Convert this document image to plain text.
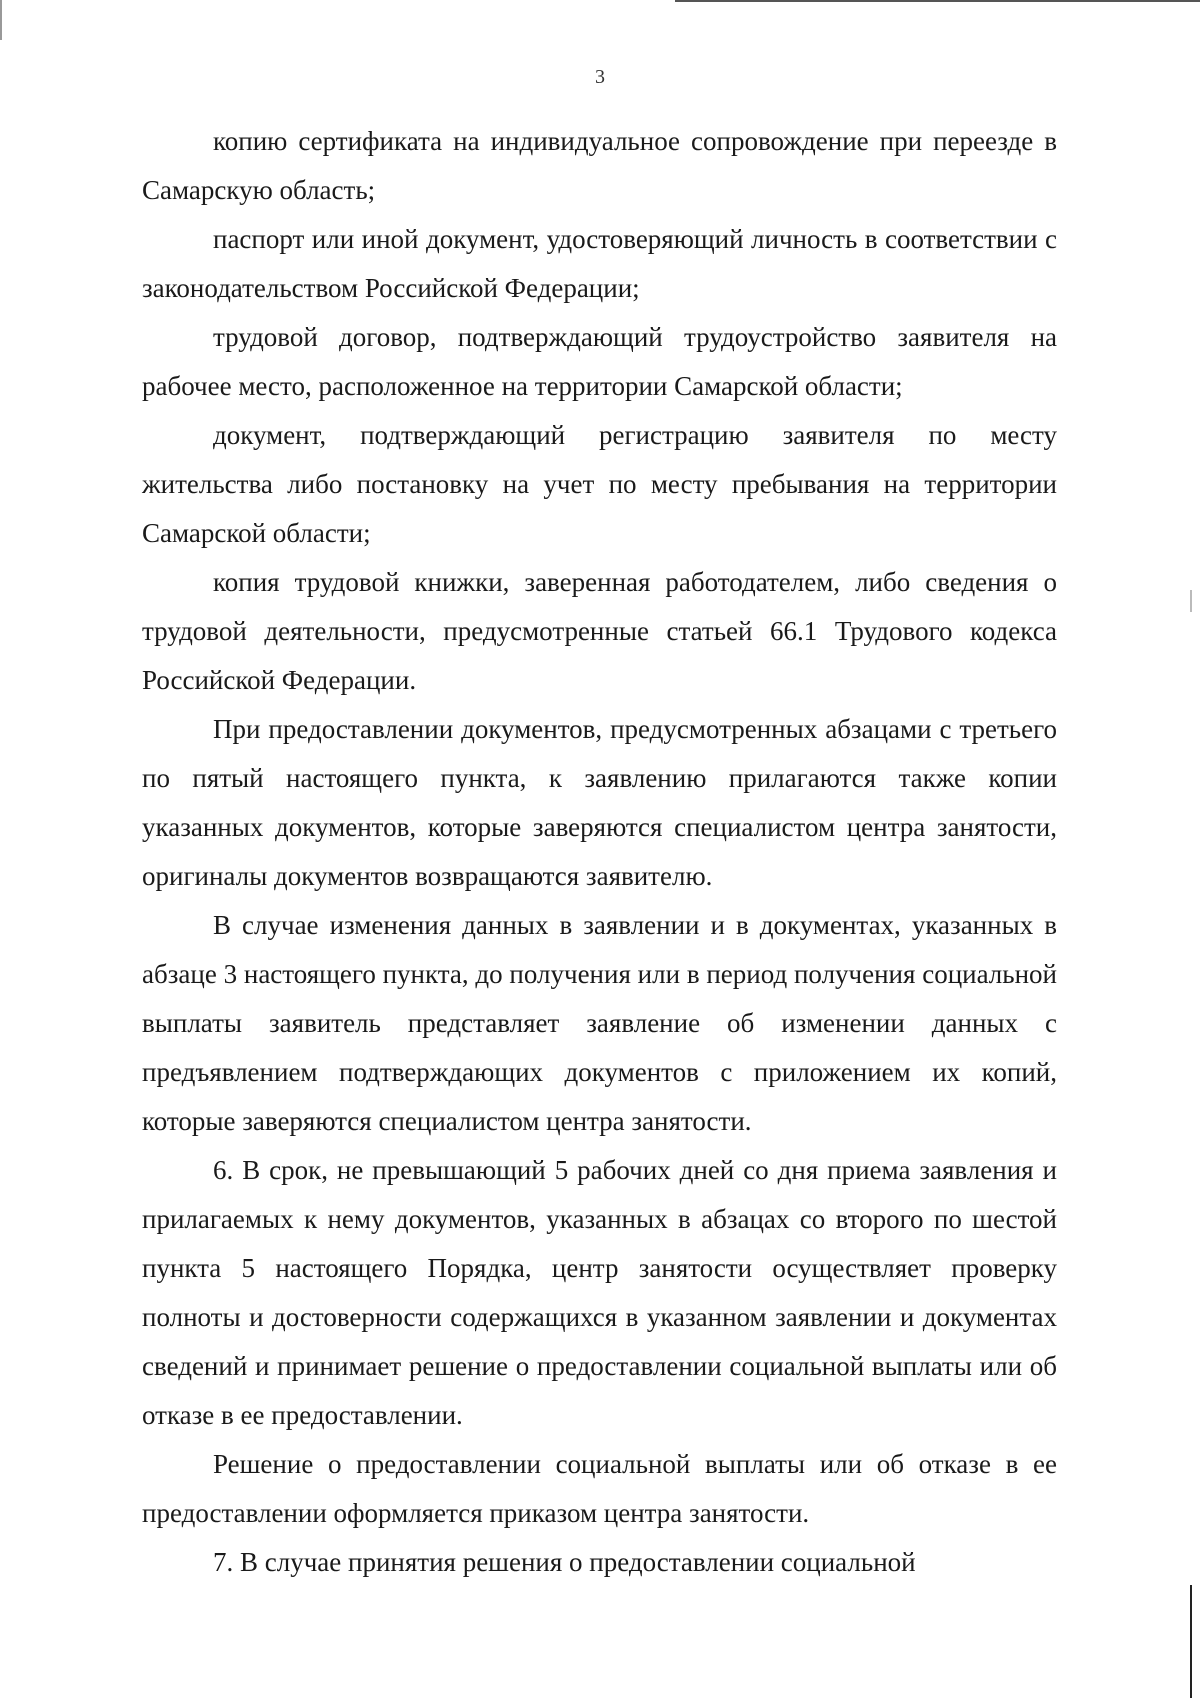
3

копию сертификата на индивидуальное сопровождение при переезде в Самарскую область;

паспорт или иной документ, удостоверяющий личность в соответствии с законодательством Российской Федерации;

трудовой договор, подтверждающий трудоустройство заявителя на рабочее место, расположенное на территории Самарской области;

документ, подтверждающий регистрацию заявителя по месту жительства либо постановку на учет по месту пребывания на территории Самарской области;

копия трудовой книжки, заверенная работодателем, либо сведения о трудовой деятельности, предусмотренные статьей 66.1 Трудового кодекса Российской Федерации.

При предоставлении документов, предусмотренных абзацами с третьего по пятый настоящего пункта, к заявлению прилагаются также копии указанных документов, которые заверяются специалистом центра занятости, оригиналы документов возвращаются заявителю.

В случае изменения данных в заявлении и в документах, указанных в абзаце 3 настоящего пункта, до получения или в период получения социальной выплаты заявитель представляет заявление об изменении данных с предъявлением подтверждающих документов с приложением их копий, которые заверяются специалистом центра занятости.

6. В срок, не превышающий 5 рабочих дней со дня приема заявления и прилагаемых к нему документов, указанных в абзацах со второго по шестой пункта 5 настоящего Порядка, центр занятости осуществляет проверку полноты и достоверности содержащихся в указанном заявлении и документах сведений и принимает решение о предоставлении социальной выплаты или об отказе в ее предоставлении.

Решение о предоставлении социальной выплаты или об отказе в ее предоставлении оформляется приказом центра занятости.

7. В случае принятия решения о предоставлении социальной
